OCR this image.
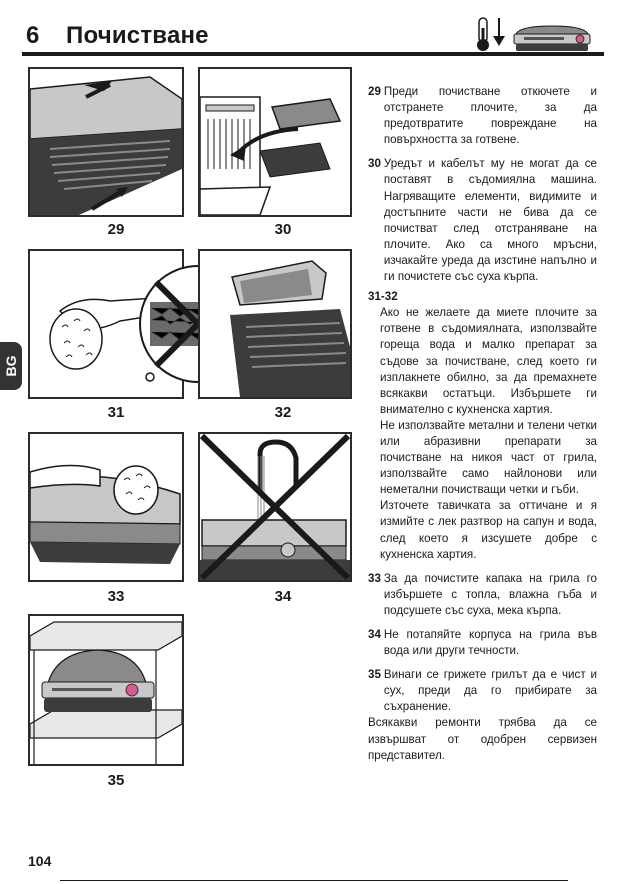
6 Почистване
BG
29	30
31	32
33	34
35
29 Преди почистване откючете и отстранете плочите, за да предотвратите повреждане на повърхността за готвене.
30 Уредът и кабелът му не могат да се поставят в съдомиялна машина. Нагряващите елементи, видимите и достъпните части не бива да се почистват след отстраняване на плочите. Ако са много мръсни, изчакайте уреда да изстине напълно и ги почистете със суха кърпа.
31-32
Ако не желаете да миете плочите за готвене в съдомиялната, използвайте гореща вода и малко препарат за съдове за почистване, след което ги изплакнете обилно, за да премахнете всякакви остатъци. Избършете ги внимателно с кухненска хартия.
Не използвайте метални и телени четки или абразивни препарати за почистване на никоя част от грила, използвайте само найлонови или неметални почистващи четки и гъби.
Източете тавичката за оттичане и я измийте с лек разтвор на сапун и вода, след което я изсушете добре с кухненска хартия.
33 За да почистите капака на грила го избършете с топла, влажна гъба и подсушете със суха, мека кърпа.
34 Не потапяйте корпуса на грила във вода или други течности.
35 Винаги се грижете грилът да е чист и сух, преди да го прибирате за съхранение.
Всякакви ремонти трябва да се извършват от одобрен сервизен представител.
104
